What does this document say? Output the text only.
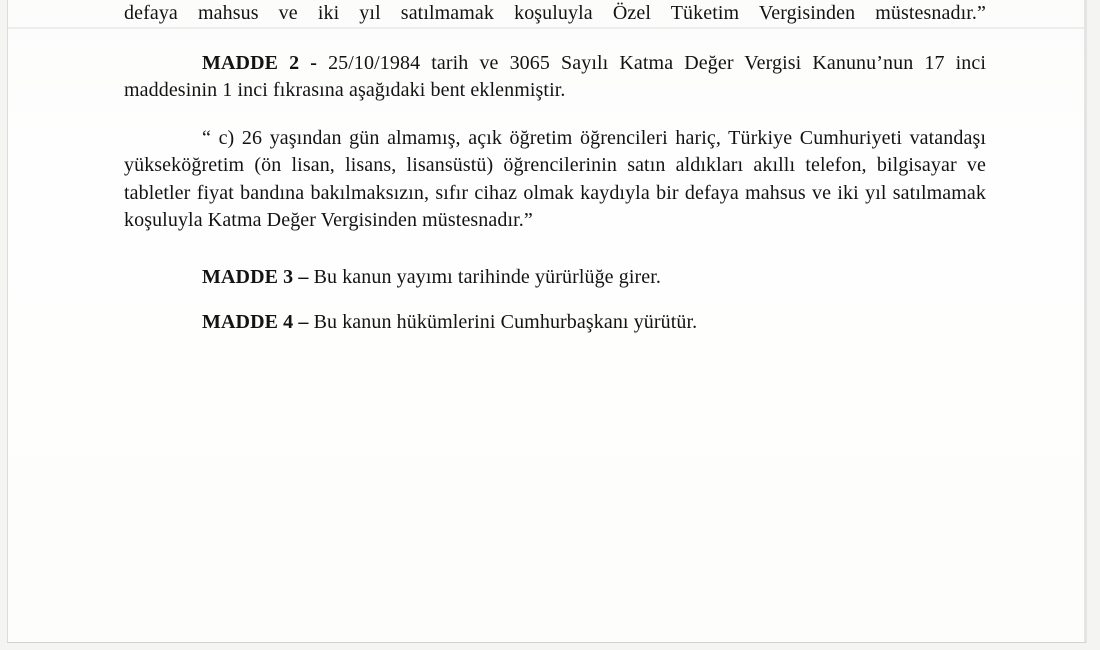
defaya mahsus ve iki yıl satılmamak koşuluyla Özel Tüketim Vergisinden müstesnadır.”

MADDE 2 - 25/10/1984 tarih ve 3065 Sayılı Katma Değer Vergisi Kanunu’nun 17 inci maddesinin 1 inci fıkrasına aşağıdaki bent eklenmiştir.

“ c) 26 yaşından gün almamış, açık öğretim öğrencileri hariç, Türkiye Cumhuriyeti vatandaşı yükseköğretim (ön lisan, lisans, lisansüstü) öğrencilerinin satın aldıkları akıllı telefon, bilgisayar ve tabletler fiyat bandına bakılmaksızın, sıfır cihaz olmak kaydıyla bir defaya mahsus ve iki yıl satılmamak koşuluyla Katma Değer Vergisinden müstesnadır.”

MADDE 3 – Bu kanun yayımı tarihinde yürürlüğe girer.

MADDE 4 – Bu kanun hükümlerini Cumhurbaşkanı yürütür.
